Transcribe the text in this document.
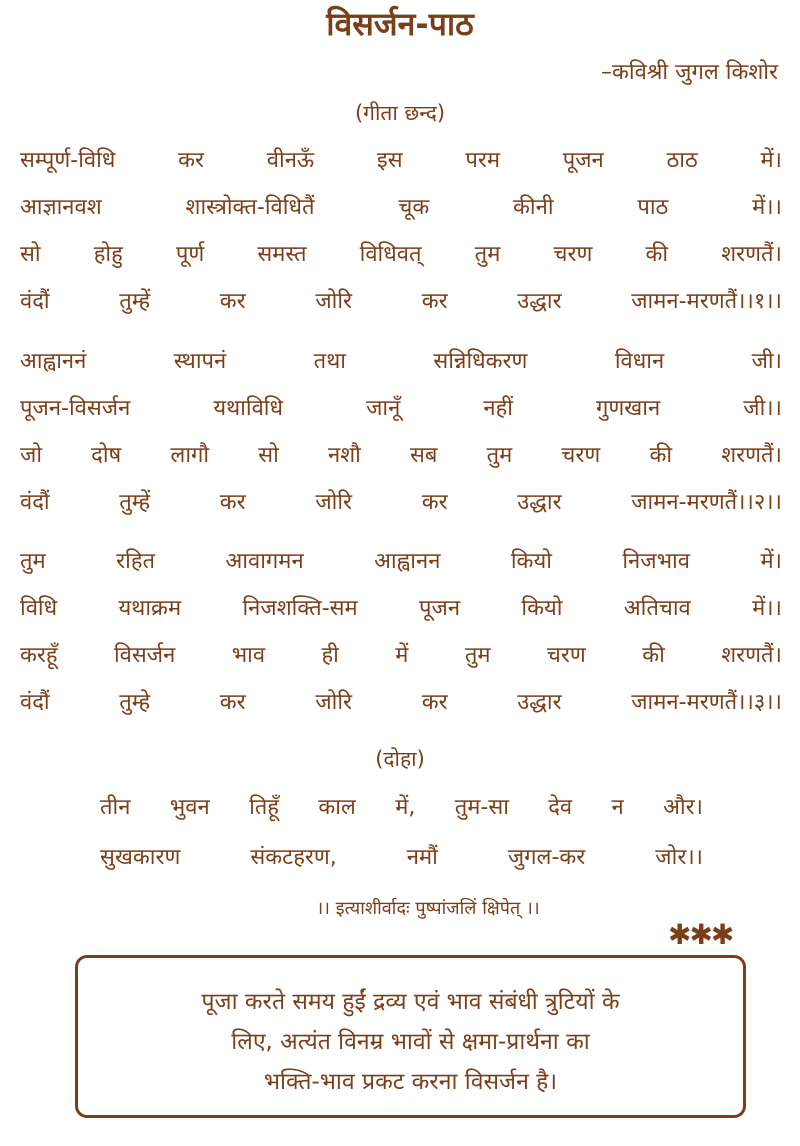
विसर्जन-पाठ
–कविश्री जुगल किशोर
(गीता छन्द)
सम्पूर्ण-विधि	कर	वीनऊँ	इस	परम	पूजन	ठाठ	में।
आज्ञानवश	शास्त्रोक्त-विधितैं	चूक	कीनी	पाठ	में।।
सो होहु पूर्ण समस्त विधिवत् तुम चरण की शरणतैं।
वंदौं	तुम्हें	कर	जोरि	कर	उद्धार	जामन-मरणतैं।।१।।
आह्वाननं	स्थापनं	तथा	सन्निधिकरण	विधान	जी।
पूजन-विसर्जन	यथाविधि	जानूँ	नहीं	गुणखान	जी।।
जो दोष लागौ सो नशौ सब तुम चरण की शरणतैं।
वंदौं	तुम्हें	कर	जोरि	कर	उद्धार	जामन-मरणतैं।।२।।
तुम	रहित	आवागमन	आह्वानन	कियो	निजभाव	में।
विधि	यथाक्रम	निजशक्ति-सम	पूजन	कियो	अतिचाव	में।।
करहूँ	विसर्जन	भाव	ही	में	तुम	चरण	की	शरणतैं।
वंदौं	तुम्हे	कर	जोरि	कर	उद्धार	जामन-मरणतैं।।३।।
(दोहा)
तीन भुवन तिहूँ काल में, तुम-सा देव न और।
सुखकारण	संकटहरण,	नमौं	जुगल-कर	जोर।।
।। इत्याशीर्वादः पुष्पांजलिं क्षिपेत् ।।
✱✱✱
पूजा करते समय हुईं द्रव्य एवं भाव संबंधी त्रुटियों के
लिए, अत्यंत विनम्र भावों से क्षमा-प्रार्थना का
भक्ति-भाव प्रकट करना विसर्जन है।
